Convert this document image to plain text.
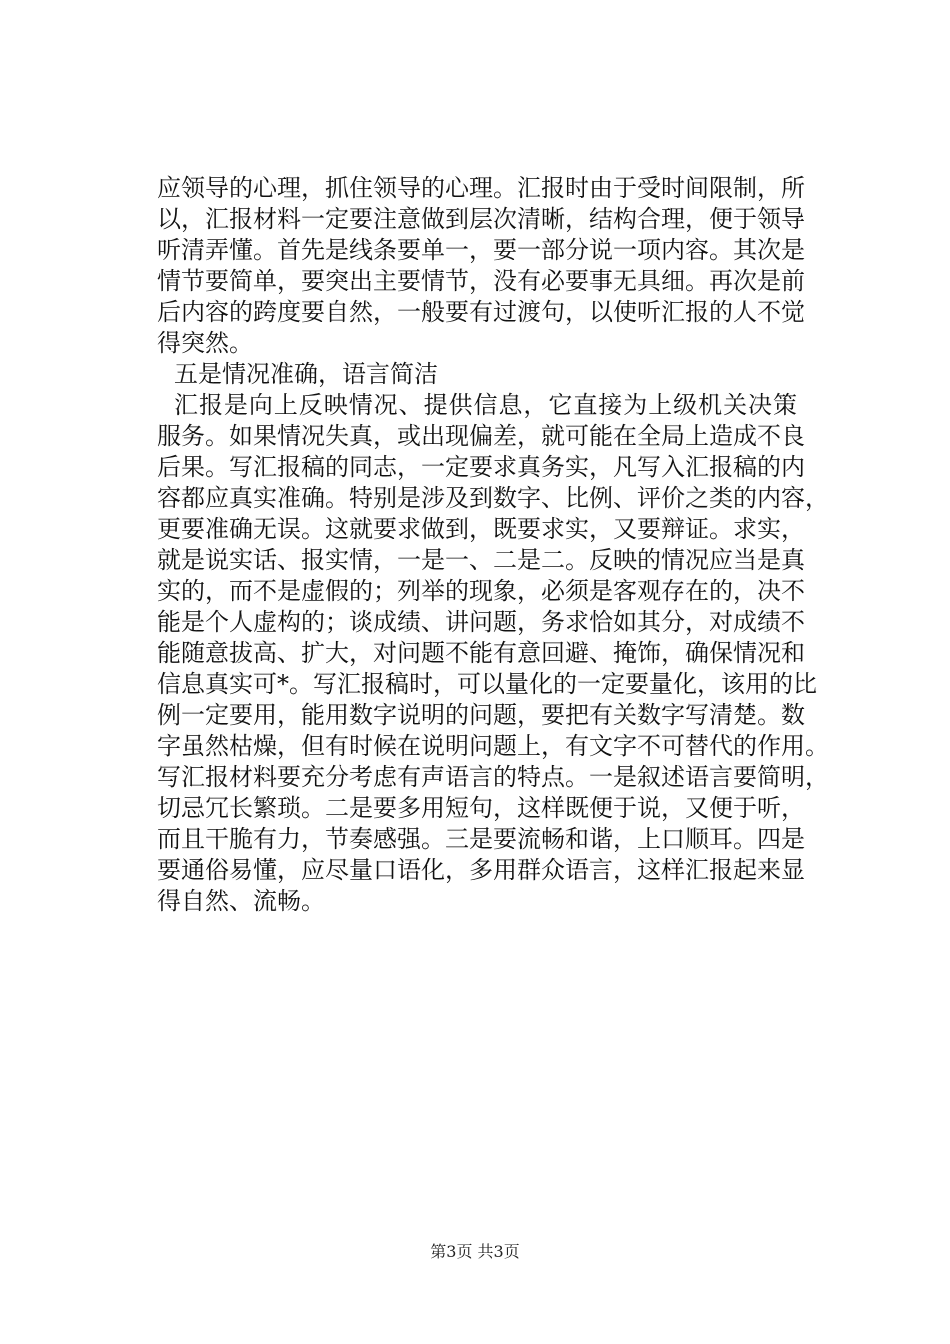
应领导的心理，抓住领导的心理。汇报时由于受时间限制，所
以，汇报材料一定要注意做到层次清晰，结构合理，便于领导
听清弄懂。首先是线条要单一，要一部分说一项内容。其次是
情节要简单，要突出主要情节，没有必要事无具细。再次是前
后内容的跨度要自然，一般要有过渡句，以使听汇报的人不觉
得突然。
五是情况准确，语言简洁
汇报是向上反映情况、提供信息，它直接为上级机关决策
服务。如果情况失真，或出现偏差，就可能在全局上造成不良
后果。写汇报稿的同志，一定要求真务实，凡写入汇报稿的内
容都应真实准确。特别是涉及到数字、比例、评价之类的内容，
更要准确无误。这就要求做到，既要求实，又要辩证。求实，
就是说实话、报实情，一是一、二是二。反映的情况应当是真
实的，而不是虚假的；列举的现象，必须是客观存在的，决不
能是个人虚构的；谈成绩、讲问题，务求恰如其分，对成绩不
能随意拔高、扩大，对问题不能有意回避、掩饰，确保情况和
信息真实可*。写汇报稿时，可以量化的一定要量化，该用的比
例一定要用，能用数字说明的问题，要把有关数字写清楚。数
字虽然枯燥，但有时候在说明问题上，有文字不可替代的作用。
写汇报材料要充分考虑有声语言的特点。一是叙述语言要简明，
切忌冗长繁琐。二是要多用短句，这样既便于说，又便于听，
而且干脆有力，节奏感强。三是要流畅和谐，上口顺耳。四是
要通俗易懂，应尽量口语化，多用群众语言，这样汇报起来显
得自然、流畅。
第3页 共3页
